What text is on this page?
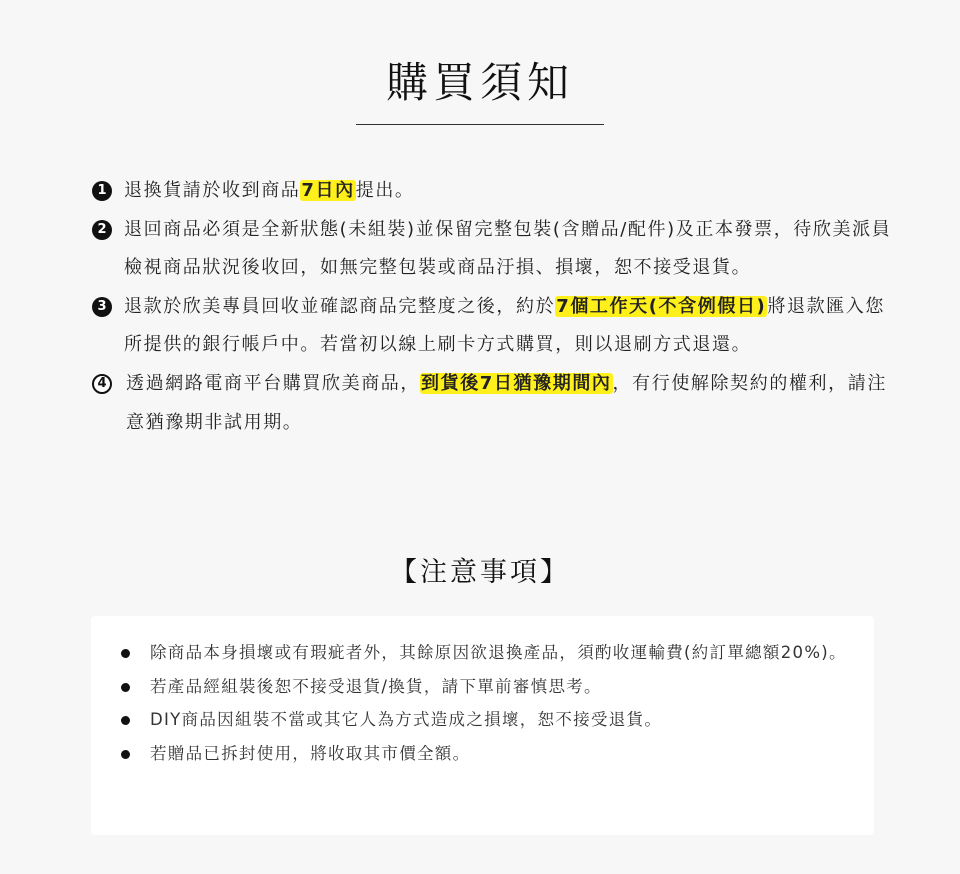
購買須知
1 退換貨請於收到商品7日內提出。
2 退回商品必須是全新狀態(未組裝)並保留完整包裝(含贈品/配件)及正本發票，待欣美派員檢視商品狀況後收回，如無完整包裝或商品汙損、損壞，恕不接受退貨。
3 退款於欣美專員回收並確認商品完整度之後，約於7個工作天(不含例假日)將退款匯入您所提供的銀行帳戶中。若當初以線上刷卡方式購買，則以退刷方式退還。
4	透過網路電商平台購買欣美商品，到貨後7日猶豫期間內，有行使解除契約的權利，請注意猶豫期非試用期。
【注意事項】
除商品本身損壞或有瑕疵者外，其餘原因欲退換產品，須酌收運輸費(約訂單總額20%)。
若產品經組裝後恕不接受退貨/換貨，請下單前審慎思考。
DIY商品因組裝不當或其它人為方式造成之損壞，恕不接受退貨。
若贈品已拆封使用，將收取其市價全額。
